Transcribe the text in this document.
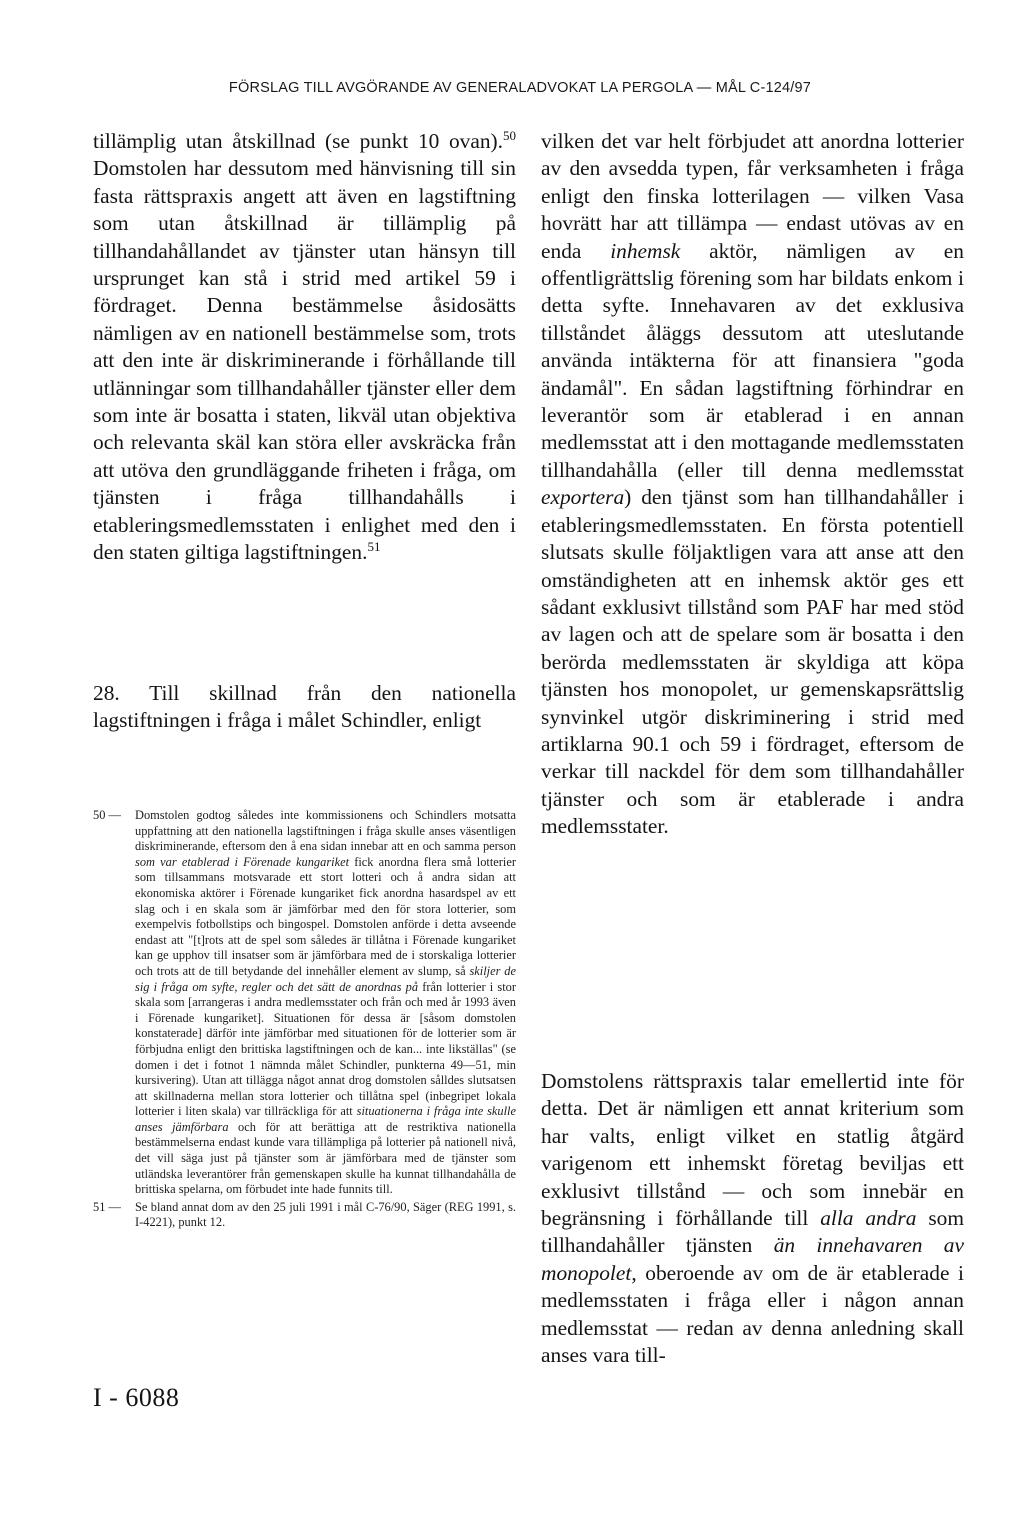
FÖRSLAG TILL AVGÖRANDE AV GENERALADVOKAT LA PERGOLA — MÅL C-124/97

tillämplig utan åtskillnad (se punkt 10 ovan).$^{50}$ Domstolen har dessutom med hänvisning till sin fasta rättspraxis angett att även en lagstiftning som utan åtskillnad är tillämplig på tillhandahållandet av tjänster utan hänsyn till ursprunget kan stå i strid med artikel 59 i fördraget. Denna bestämmelse åsidosätts nämligen av en nationell bestämmelse som, trots att den inte är diskriminerande i förhållande till utlänningar som tillhandahåller tjänster eller dem som inte är bosatta i staten, likväl utan objektiva och relevanta skäl kan störa eller avskräcka från att utöva den grundläggande friheten i fråga, om tjänsten i fråga tillhandahålls i etableringsmedlemsstaten i enlighet med den i den staten giltiga lagstiftningen.$^{51}$

28. Till skillnad från den nationella lagstiftningen i fråga i målet Schindler, enligt
50 —	Domstolen godtog således inte kommissionens och Schindlers motsatta uppfattning att den nationella lagstiftningen i fråga skulle anses väsentligen diskriminerande, eftersom den å ena sidan innebar att en och samma person som var etablerad i Förenade kungariket fick anordna flera små lotterier som tillsammans motsvarade ett stort lotteri och å andra sidan att ekonomiska aktörer i Förenade kungariket fick anordna hasardspel av ett slag och i en skala som är jämförbar med den för stora lotterier, som exempelvis fotbollstips och bingospel. Domstolen anförde i detta avseende endast att "[t]rots att de spel som således är tillåtna i Förenade kungariket kan ge upphov till insatser som är jämförbara med de i storskaliga lotterier och trots att de till betydande del innehåller element av slump, så skiljer de sig i fråga om syfte, regler och det sätt de anordnas på från lotterier i stor skala som [arrangeras i andra medlemsstater och från och med år 1993 även i Förenade kungariket]. Situationen för dessa är [såsom domstolen konstaterade] därför inte jämförbar med situationen för de lotterier som är förbjudna enligt den brittiska lagstiftningen och de kan... inte likställas" (se domen i det i fotnot 1 nämnda målet Schindler, punkterna 49—51, min kursivering). Utan att tillägga något annat drog domstolen sålldes slutsatsen att skillnaderna mellan stora lotterier och tillåtna spel (inbegripet lokala lotterier i liten skala) var tillräckliga för att situationerna i fråga inte skulle anses jämförbara och för att berättiga att de restriktiva nationella bestämmelserna endast kunde vara tillämpliga på lotterier på nationell nivå, det vill säga just på tjänster som är jämförbara med de tjänster som utländska leverantörer från gemenskapen skulle ha kunnat tillhandahålla de brittiska spelarna, om förbudet inte hade funnits till.
51 —	Se bland annat dom av den 25 juli 1991 i mål C-76/90, Säger (REG 1991, s. I-4221), punkt 12.

vilken det var helt förbjudet att anordna lotterier av den avsedda typen, får verksamheten i fråga enligt den finska lotterilagen — vilken Vasa hovrätt har att tillämpa — endast utövas av en enda inhemsk aktör, nämligen av en offentligrättslig förening som har bildats enkom i detta syfte. Innehavaren av det exklusiva tillståndet åläggs dessutom att uteslutande använda intäkterna för att finansiera "goda ändamål". En sådan lagstiftning förhindrar en leverantör som är etablerad i en annan medlemsstat att i den mottagande medlemsstaten tillhandahålla (eller till denna medlemsstat exportera) den tjänst som han tillhandahåller i etableringsmedlemsstaten. En första potentiell slutsats skulle följaktligen vara att anse att den omständigheten att en inhemsk aktör ges ett sådant exklusivt tillstånd som PAF har med stöd av lagen och att de spelare som är bosatta i den berörda medlemsstaten är skyldiga att köpa tjänsten hos monopolet, ur gemenskapsrättslig synvinkel utgör diskriminering i strid med artiklarna 90.1 och 59 i fördraget, eftersom de verkar till nackdel för dem som tillhandahåller tjänster och som är etablerade i andra medlemsstater.

Domstolens rättspraxis talar emellertid inte för detta. Det är nämligen ett annat kriterium som har valts, enligt vilket en statlig åtgärd varigenom ett inhemskt företag beviljas ett exklusivt tillstånd — och som innebär en begränsning i förhållande till alla andra som tillhandahåller tjänsten än innehavaren av monopolet, oberoende av om de är etablerade i medlemsstaten i fråga eller i någon annan medlemsstat — redan av denna anledning skall anses vara till-

I - 6088
